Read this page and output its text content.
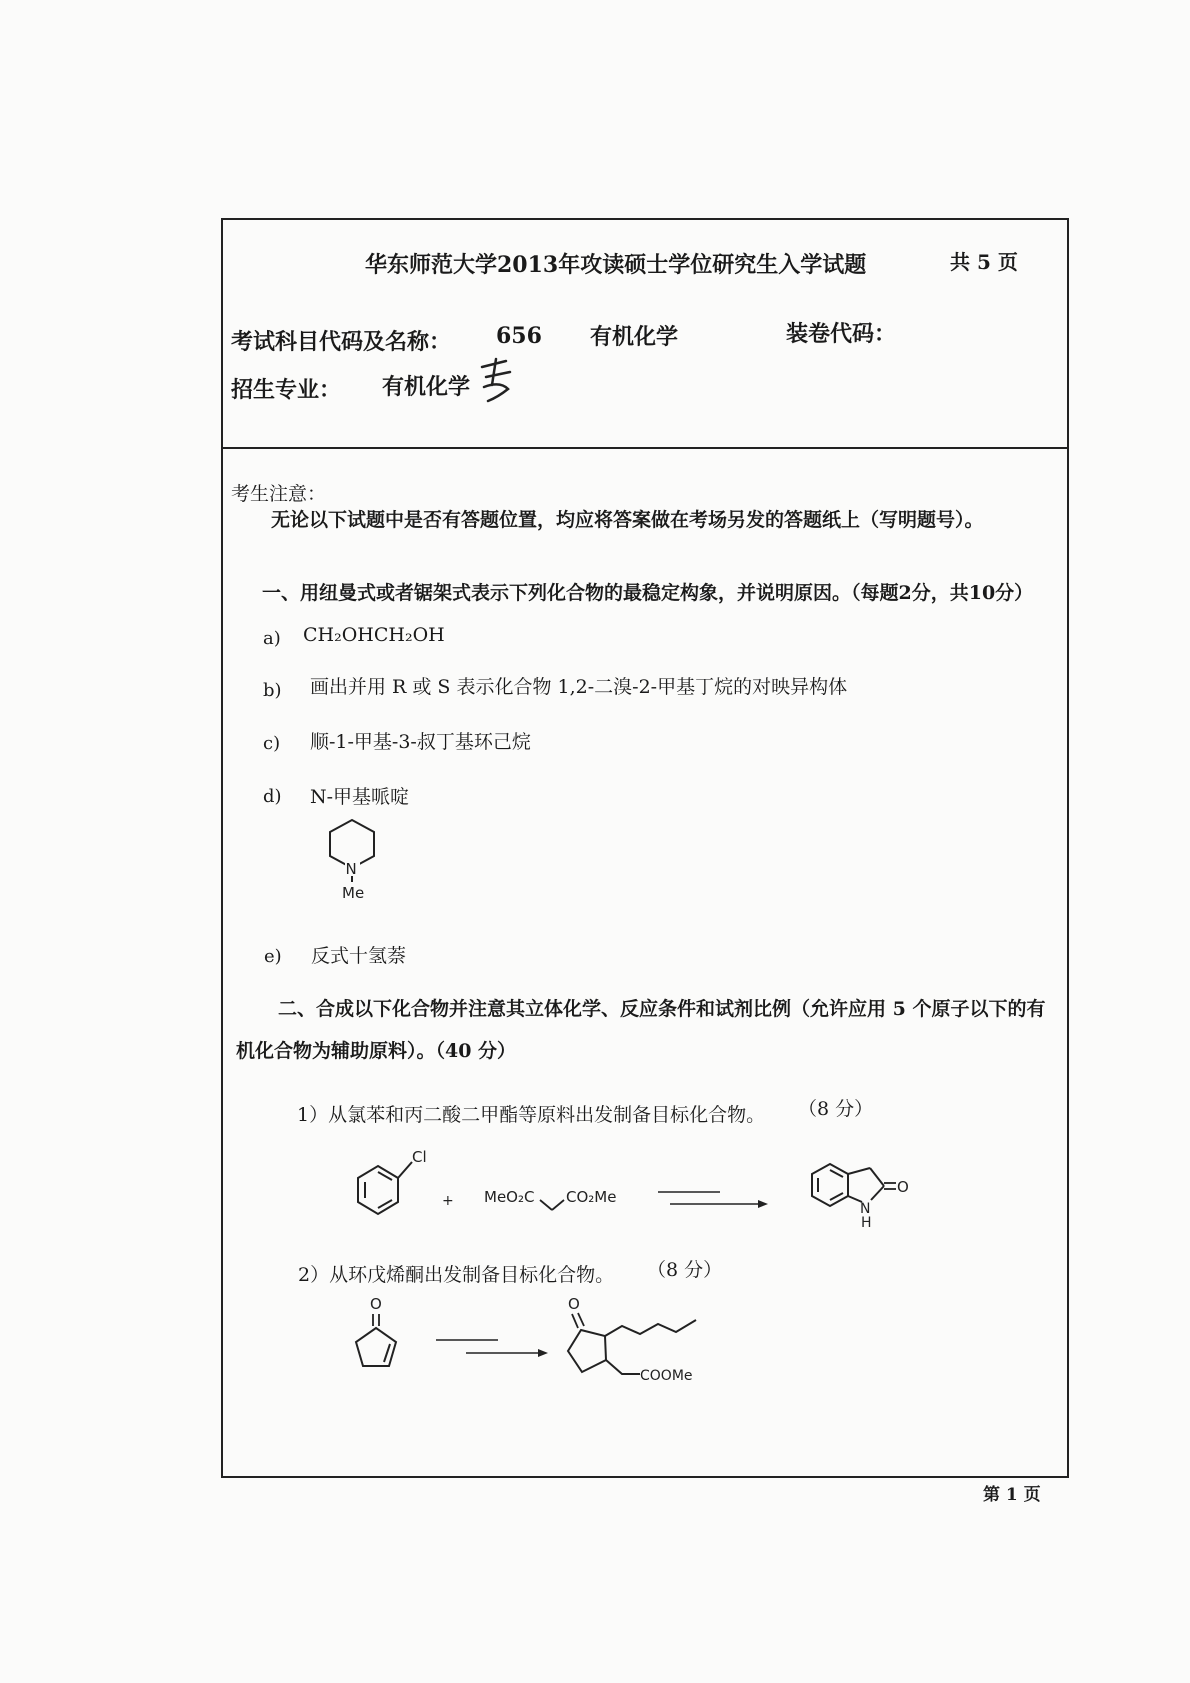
华东师范大学2013年攻读硕士学位研究生入学试题	共 5 页
考试科目代码及名称： 656 有机化学	装卷代码：
招生专业： 有机化学
考生注意：
无论以下试题中是否有答题位置，均应将答案做在考场另发的答题纸上（写明题号）。
一、用纽曼式或者锯架式表示下列化合物的最稳定构象，并说明原因。（每题2分，共10分）
a) CH₂OHCH₂OH
b) 画出并用 R 或 S 表示化合物 1,2-二溴-2-甲基丁烷的对映异构体
c) 顺-1-甲基-3-叔丁基环己烷
d) N-甲基哌啶
N
Me
e) 反式十氢萘
二、合成以下化合物并注意其立体化学、反应条件和试剂比例（允许应用 5 个原子以下的有
机化合物为辅助原料）。（40 分）
1）从氯苯和丙二酸二甲酯等原料出发制备目标化合物。 （8 分）
Cl
+ MeO₂C CO₂Me
O
N
H
2）从环戊烯酮出发制备目标化合物。 （8 分）
O	O
COOMe
第 1 页
